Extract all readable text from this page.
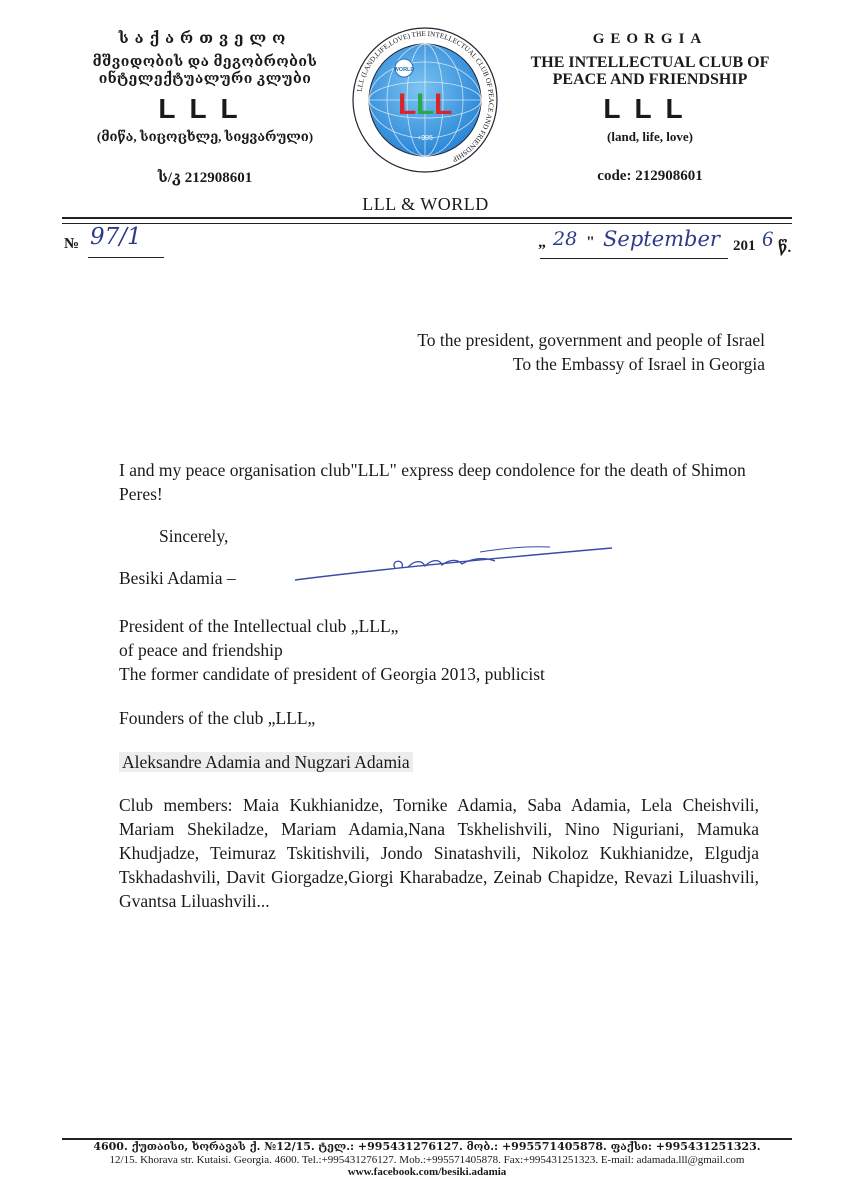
საქართველო
მშვიდობის და მეგობრობის
ინტელექტუალური კლუბი
LLL
(მიწა, სიცოცხლე, სიყვარული)
ს/კ 212908601
LLL (LAND,LIFE,LOVE) THE INTELLECTUAL CLUB OF PEACE AND FRIENDSHIP
WORLD
L L L
+995
LLL & WORLD
GEORGIA
THE INTELLECTUAL CLUB OF
PEACE AND FRIENDSHIP
LLL
(land, life, love)
code: 212908601
№ 97/1	„ 28 " September 201 6 წ.
To the president, government and people of Israel
To the Embassy of Israel in Georgia
I and my peace organisation club"LLL" express deep condolence for the death of Shimon Peres!
Sincerely,
Besiki Adamia –
President of the Intellectual club „LLL„
of peace and friendship
The former candidate of president of Georgia 2013, publicist
Founders of the club „LLL„
Aleksandre Adamia and Nugzari Adamia
Club members: Maia Kukhianidze, Tornike Adamia, Saba Adamia, Lela Cheishvili, Mariam Shekiladze, Mariam Adamia,Nana Tskhelishvili, Nino Niguriani, Mamuka Khudjadze, Teimuraz Tskitishvili, Jondo Sinatashvili, Nikoloz Kukhianidze, Elgudja Tskhadashvili, Davit Giorgadze,Giorgi Kharabadze, Zeinab Chapidze, Revazi Liluashvili, Gvantsa Liluashvili...
4600. ქუთაისი, ხორავას ქ. №12/15. ტელ.: +995431276127. მობ.: +995571405878. ფაქსი: +995431251323.
12/15. Khorava str. Kutaisi. Georgia. 4600. Tel.:+995431276127. Mob.:+995571405878. Fax:+995431251323. E-mail: adamada.lll@gmail.com
www.facebook.com/besiki.adamia
